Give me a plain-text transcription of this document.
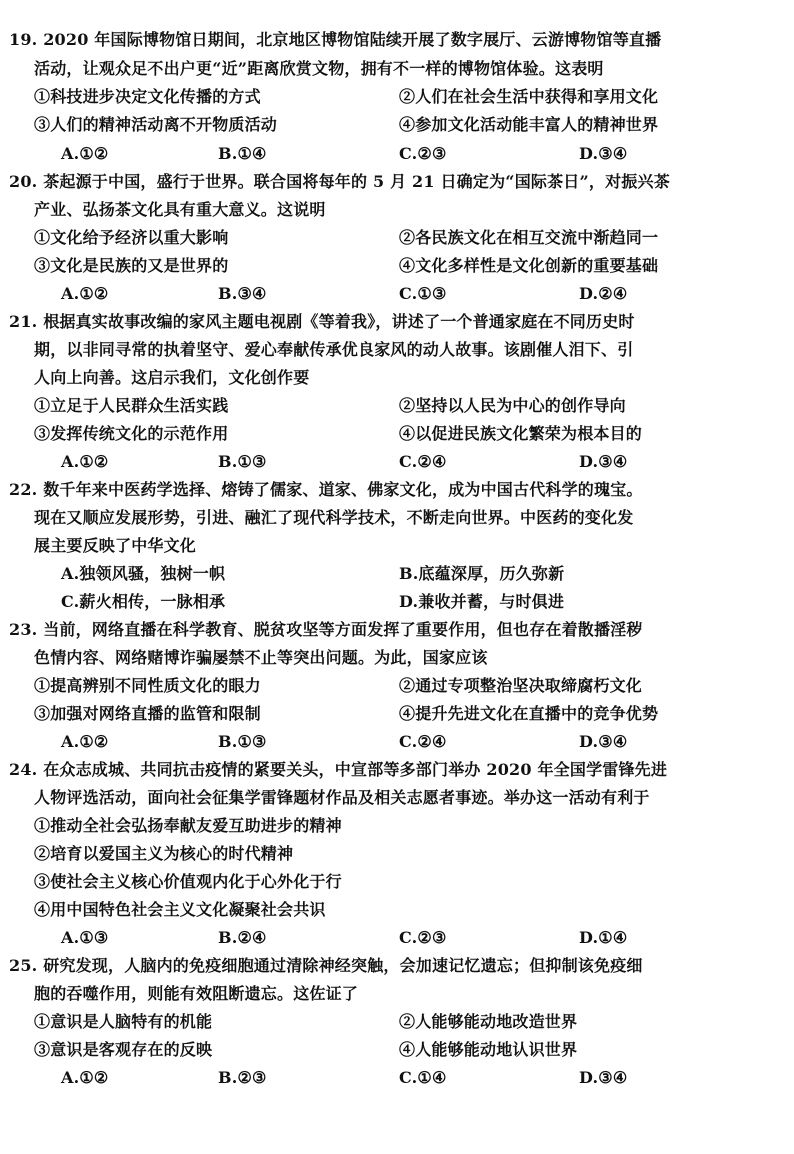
19. 2020 年国际博物馆日期间，北京地区博物馆陆续开展了数字展厅、云游博物馆等直播
活动，让观众足不出户更“近”距离欣赏文物，拥有不一样的博物馆体验。这表明
①科技进步决定文化传播的方式	②人们在社会生活中获得和享用文化
③人们的精神活动离不开物质活动	④参加文化活动能丰富人的精神世界
A.①②	B.①④	C.②③	D.③④
20. 茶起源于中国，盛行于世界。联合国将每年的 5 月 21 日确定为“国际茶日”，对振兴茶
产业、弘扬茶文化具有重大意义。这说明
①文化给予经济以重大影响	②各民族文化在相互交流中渐趋同一
③文化是民族的又是世界的	④文化多样性是文化创新的重要基础
A.①②	B.③④	C.①③	D.②④
21. 根据真实故事改编的家风主题电视剧《等着我》，讲述了一个普通家庭在不同历史时
期，以非同寻常的执着坚守、爱心奉献传承优良家风的动人故事。该剧催人泪下、引
人向上向善。这启示我们，文化创作要
①立足于人民群众生活实践	②坚持以人民为中心的创作导向
③发挥传统文化的示范作用	④以促进民族文化繁荣为根本目的
A.①②	B.①③	C.②④	D.③④
22. 数千年来中医药学选择、熔铸了儒家、道家、佛家文化，成为中国古代科学的瑰宝。
现在又顺应发展形势，引进、融汇了现代科学技术，不断走向世界。中医药的变化发
展主要反映了中华文化
A.独领风骚，独树一帜	B.底蕴深厚，历久弥新
C.薪火相传，一脉相承	D.兼收并蓄，与时俱进
23. 当前，网络直播在科学教育、脱贫攻坚等方面发挥了重要作用，但也存在着散播淫秽
色情内容、网络赌博诈骗屡禁不止等突出问题。为此，国家应该
①提高辨别不同性质文化的眼力	②通过专项整治坚决取缔腐朽文化
③加强对网络直播的监管和限制	④提升先进文化在直播中的竞争优势
A.①②	B.①③	C.②④	D.③④
24. 在众志成城、共同抗击疫情的紧要关头，中宣部等多部门举办 2020 年全国学雷锋先进
人物评选活动，面向社会征集学雷锋题材作品及相关志愿者事迹。举办这一活动有利于
①推动全社会弘扬奉献友爱互助进步的精神
②培育以爱国主义为核心的时代精神
③使社会主义核心价值观内化于心外化于行
④用中国特色社会主义文化凝聚社会共识
A.①③	B.②④	C.②③	D.①④
25. 研究发现，人脑内的免疫细胞通过清除神经突触，会加速记忆遗忘；但抑制该免疫细
胞的吞噬作用，则能有效阻断遗忘。这佐证了
①意识是人脑特有的机能	②人能够能动地改造世界
③意识是客观存在的反映	④人能够能动地认识世界
A.①②	B.②③	C.①④	D.③④
